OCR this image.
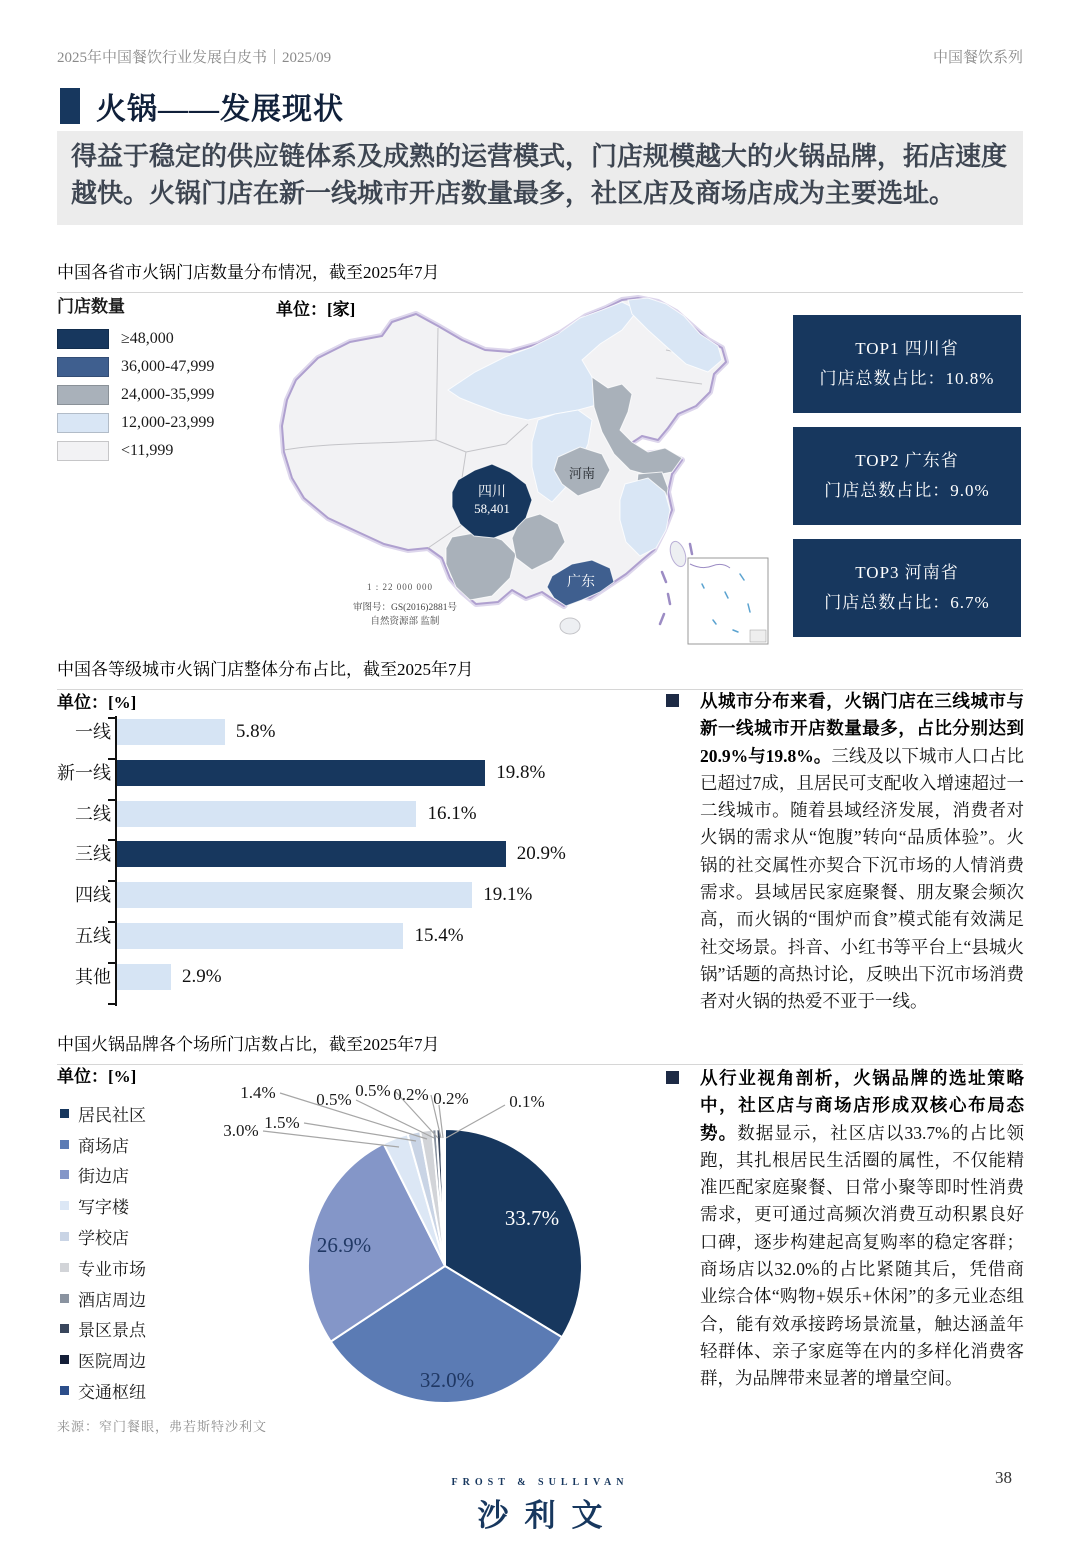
2025年中国餐饮行业发展白皮书｜2025/09	中国餐饮系列
火锅——发展现状
得益于稳定的供应链体系及成熟的运营模式，门店规模越大的火锅品牌，拓店速度越快。火锅门店在新一线城市开店数量最多，社区店及商场店成为主要选址。
中国各省市火锅门店数量分布情况，截至2025年7月
门店数量
≥48,000
36,000-47,999
24,000-35,999
12,000-23,999
<11,999
单位：[家]
四川
58,401
河南
广东
1 : 22 000 000
审图号：GS(2016)2881号
自然资源部 监制
TOP1 四川省
门店总数占比：10.8%
TOP2 广东省
门店总数占比：9.0%
TOP3 河南省
门店总数占比：6.7%
中国各等级城市火锅门店整体分布占比，截至2025年7月
单位：[%]
一线	5.8%
新一线	19.8%
二线	16.1%
三线	20.9%
四线	19.1%
五线	15.4%
其他	2.9%
从城市分布来看，火锅门店在三线城市与新一线城市开店数量最多，占比分别达到20.9%与19.8%。三线及以下城市人口占比已超过7成，且居民可支配收入增速超过一二线城市。随着县域经济发展，消费者对火锅的需求从“饱腹”转向“品质体验”。火锅的社交属性亦契合下沉市场的人情消费需求。县域居民家庭聚餐、朋友聚会频次高，而火锅的“围炉而食”模式能有效满足社交场景。抖音、小红书等平台上“县城火锅”话题的高热讨论，反映出下沉市场消费者对火锅的热爱不亚于一线。
中国火锅品牌各个场所门店数占比，截至2025年7月
单位：[%]
居民社区
商场店
街边店
写字楼
学校店
专业市场
酒店周边
景区景点
医院周边
交通枢纽
33.7%
32.0%
26.9%
3.0% 1.5%
1.4% 0.5% 0.5% 0.2% 0.2% 0.1%
从行业视角剖析，火锅品牌的选址策略中，社区店与商场店形成双核心布局态势。数据显示，社区店以33.7%的占比领跑，其扎根居民生活圈的属性，不仅能精准匹配家庭聚餐、日常小聚等即时性消费需求，更可通过高频次消费互动积累良好口碑，逐步构建起高复购率的稳定客群；商场店以32.0%的占比紧随其后，凭借商业综合体“购物+娱乐+休闲”的多元业态组合，能有效承接跨场景流量，触达涵盖年轻群体、亲子家庭等在内的多样化消费客群，为品牌带来显著的增量空间。
来源：窄门餐眼，弗若斯特沙利文
FROST & SULLIVAN
沙利文
38
